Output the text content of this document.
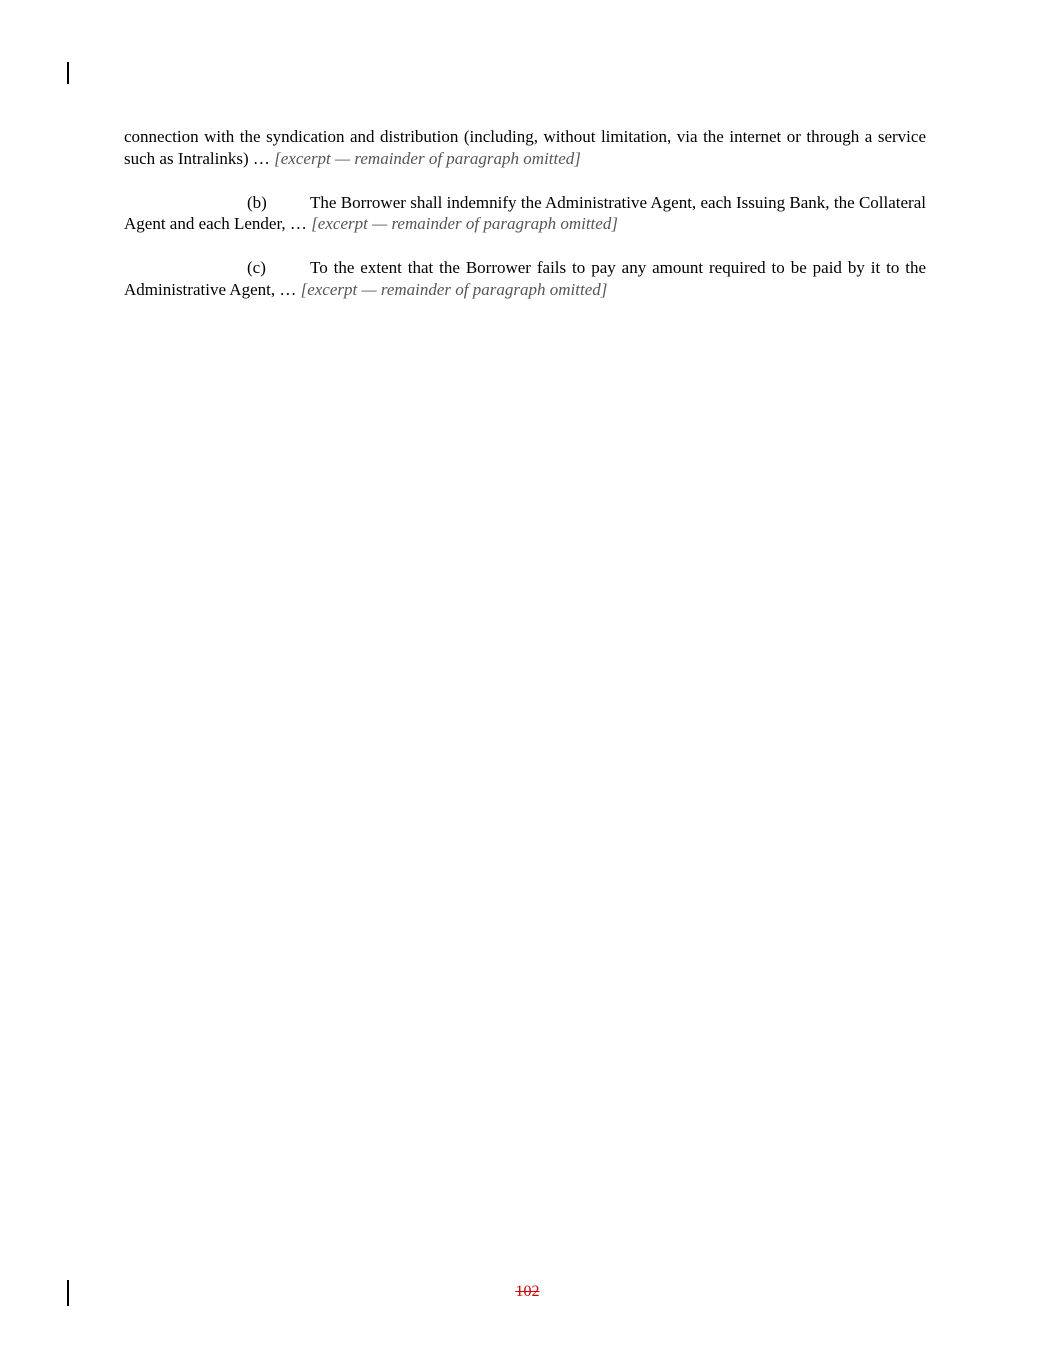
connection with the syndication and distribution (including, without limitation, via the internet or through a service such as Intralinks) … [excerpt — remainder of paragraph omitted]

(b)	The Borrower shall indemnify the Administrative Agent, each Issuing Bank, the Collateral Agent and each Lender, … [excerpt — remainder of paragraph omitted]

(c)	To the extent that the Borrower fails to pay any amount required to be paid by it to the Administrative Agent, … [excerpt — remainder of paragraph omitted]

102
